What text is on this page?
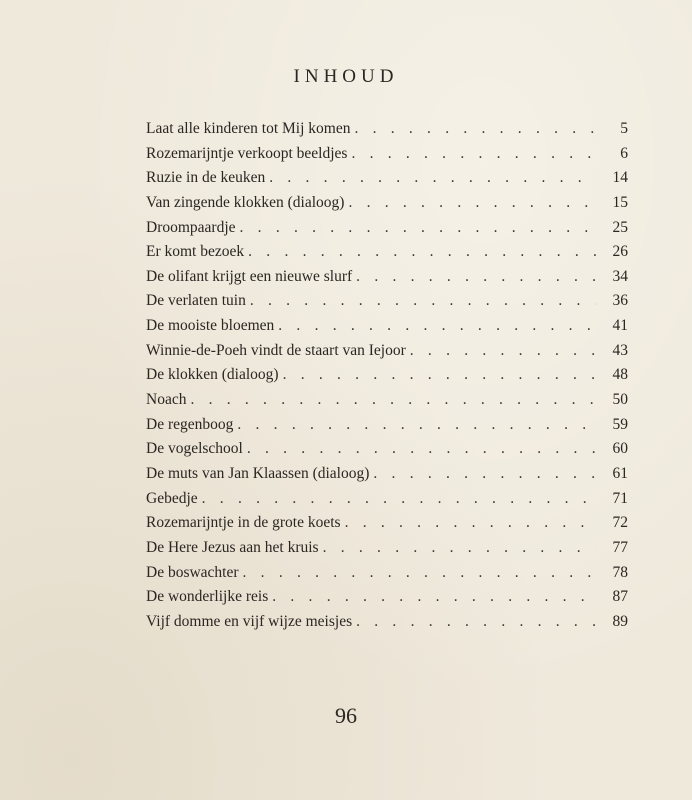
INHOUD
Laat alle kinderen tot Mij komen . . .	5
Rozemarijntje verkoopt beeldjes . . .	6
Ruzie in de keuken . . .	14
Van zingende klokken (dialoog) . . .	15
Droompaardje . . .	25
Er komt bezoek . . .	26
De olifant krijgt een nieuwe slurf . . .	34
De verlaten tuin . . .	36
De mooiste bloemen . . .	41
Winnie-de-Poeh vindt de staart van Iejoor . . .	43
De klokken (dialoog) . . .	48
Noach . . .	50
De regenboog . . .	59
De vogelschool . . .	60
De muts van Jan Klaassen (dialoog) . . .	61
Gebedje . . .	71
Rozemarijntje in de grote koets . . .	72
De Here Jezus aan het kruis . . .	77
De boswachter . . .	78
De wonderlijke reis . . .	87
Vijf domme en vijf wijze meisjes . . .	89
96
